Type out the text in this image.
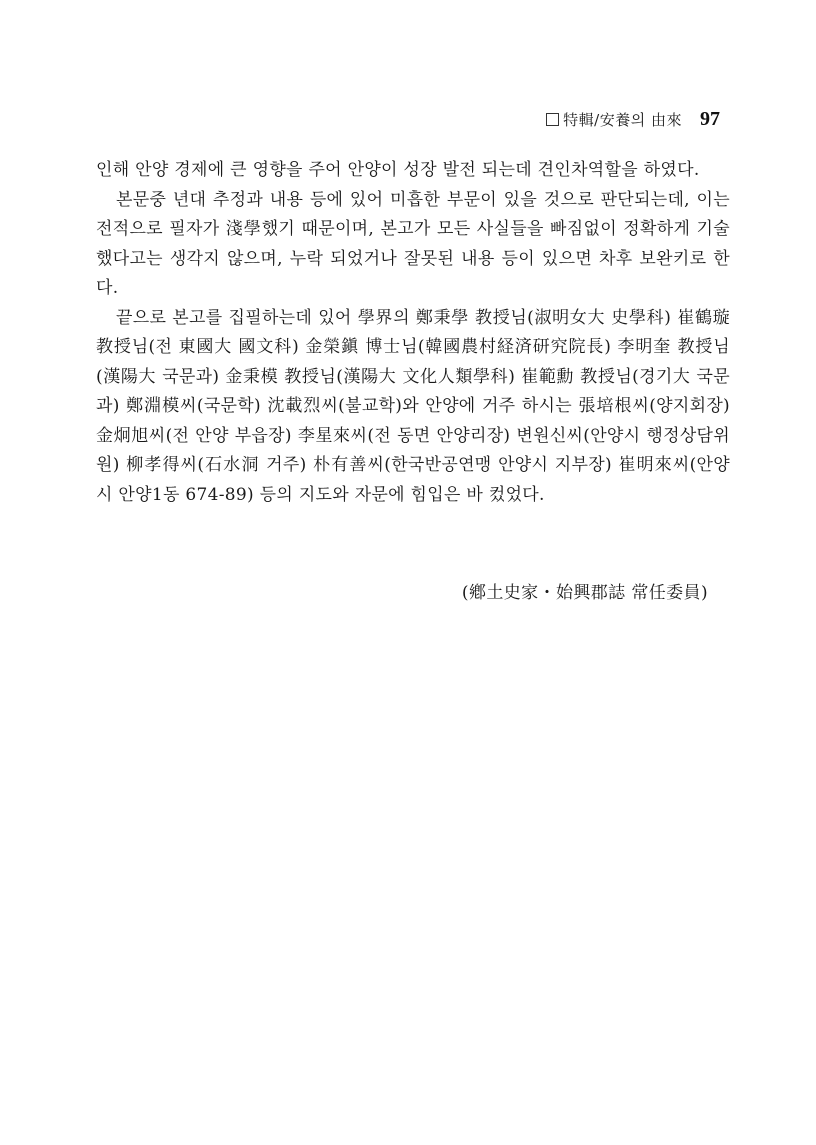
特輯/安養의 由來 97

인해 안양 경제에 큰 영향을 주어 안양이 성장 발전 되는데 견인차역할을 하였다.

본문중 년대 추정과 내용 등에 있어 미흡한 부문이 있을 것으로 판단되는데, 이는 전적으로 필자가 淺學했기 때문이며, 본고가 모든 사실들을 빠짐없이 정확하게 기술했다고는 생각지 않으며, 누락 되었거나 잘못된 내용 등이 있으면 차후 보완키로 한다.

끝으로 본고를 집필하는데 있어 學界의 鄭秉學 教授님(淑明女大 史學科) 崔鶴璇 教授님(전 東國大 國文科) 金榮鎭 博士님(韓國農村経済研究院長) 李明奎 教授님(漢陽大 국문과) 金秉模 教授님(漢陽大 文化人類學科) 崔範勳 教授님(경기大 국문과) 鄭淵模씨(국문학) 沈載烈씨(불교학)와 안양에 거주 하시는 張培根씨(양지회장) 金炯旭씨(전 안양 부읍장) 李星來씨(전 동면 안양리장) 변원신씨(안양시 행정상담위원) 柳孝得씨(石水洞 거주) 朴有善씨(한국반공연맹 안양시 지부장) 崔明來씨(안양시 안양1동 674-89) 등의 지도와 자문에 힘입은 바 컸었다.

(鄕土史家・始興郡誌 常任委員)
